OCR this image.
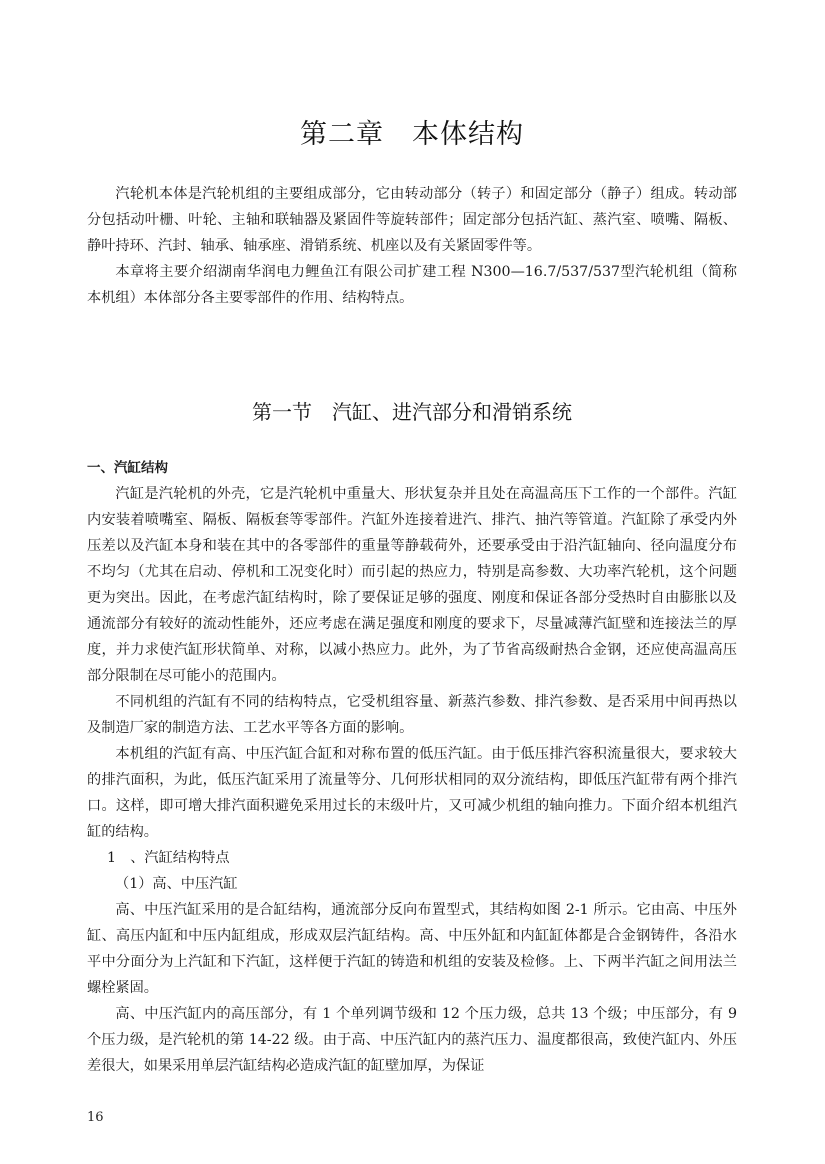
第二章　本体结构

汽轮机本体是汽轮机组的主要组成部分，它由转动部分（转子）和固定部分（静子）组成。转动部分包括动叶栅、叶轮、主轴和联轴器及紧固件等旋转部件；固定部分包括汽缸、蒸汽室、喷嘴、隔板、静叶持环、汽封、轴承、轴承座、滑销系统、机座以及有关紧固零件等。

本章将主要介绍湖南华润电力鲤鱼江有限公司扩建工程 N300—16.7/537/537型汽轮机组（简称本机组）本体部分各主要零部件的作用、结构特点。

第一节　汽缸、进汽部分和滑销系统

一、汽缸结构

汽缸是汽轮机的外壳，它是汽轮机中重量大、形状复杂并且处在高温高压下工作的一个部件。汽缸内安装着喷嘴室、隔板、隔板套等零部件。汽缸外连接着进汽、排汽、抽汽等管道。汽缸除了承受内外压差以及汽缸本身和装在其中的各零部件的重量等静载荷外，还要承受由于沿汽缸轴向、径向温度分布不均匀（尤其在启动、停机和工况变化时）而引起的热应力，特别是高参数、大功率汽轮机，这个问题更为突出。因此，在考虑汽缸结构时，除了要保证足够的强度、刚度和保证各部分受热时自由膨胀以及通流部分有较好的流动性能外，还应考虑在满足强度和刚度的要求下，尽量减薄汽缸壁和连接法兰的厚度，并力求使汽缸形状简单、对称，以减小热应力。此外，为了节省高级耐热合金钢，还应使高温高压部分限制在尽可能小的范围内。

不同机组的汽缸有不同的结构特点，它受机组容量、新蒸汽参数、排汽参数、是否采用中间再热以及制造厂家的制造方法、工艺水平等各方面的影响。

本机组的汽缸有高、中压汽缸合缸和对称布置的低压汽缸。由于低压排汽容积流量很大，要求较大的排汽面积，为此，低压汽缸采用了流量等分、几何形状相同的双分流结构，即低压汽缸带有两个排汽口。这样，即可增大排汽面积避免采用过长的末级叶片，又可减少机组的轴向推力。下面介绍本机组汽缸的结构。

1　、汽缸结构特点

（1）高、中压汽缸

高、中压汽缸采用的是合缸结构，通流部分反向布置型式，其结构如图 2-1 所示。它由高、中压外缸、高压内缸和中压内缸组成，形成双层汽缸结构。高、中压外缸和内缸缸体都是合金钢铸件，各沿水平中分面分为上汽缸和下汽缸，这样便于汽缸的铸造和机组的安装及检修。上、下两半汽缸之间用法兰螺栓紧固。

高、中压汽缸内的高压部分，有 1 个单列调节级和 12 个压力级，总共 13 个级；中压部分，有 9 个压力级，是汽轮机的第 14-22 级。由于高、中压汽缸内的蒸汽压力、温度都很高，致使汽缸内、外压差很大，如果采用单层汽缸结构必造成汽缸的缸壁加厚，为保证

16
